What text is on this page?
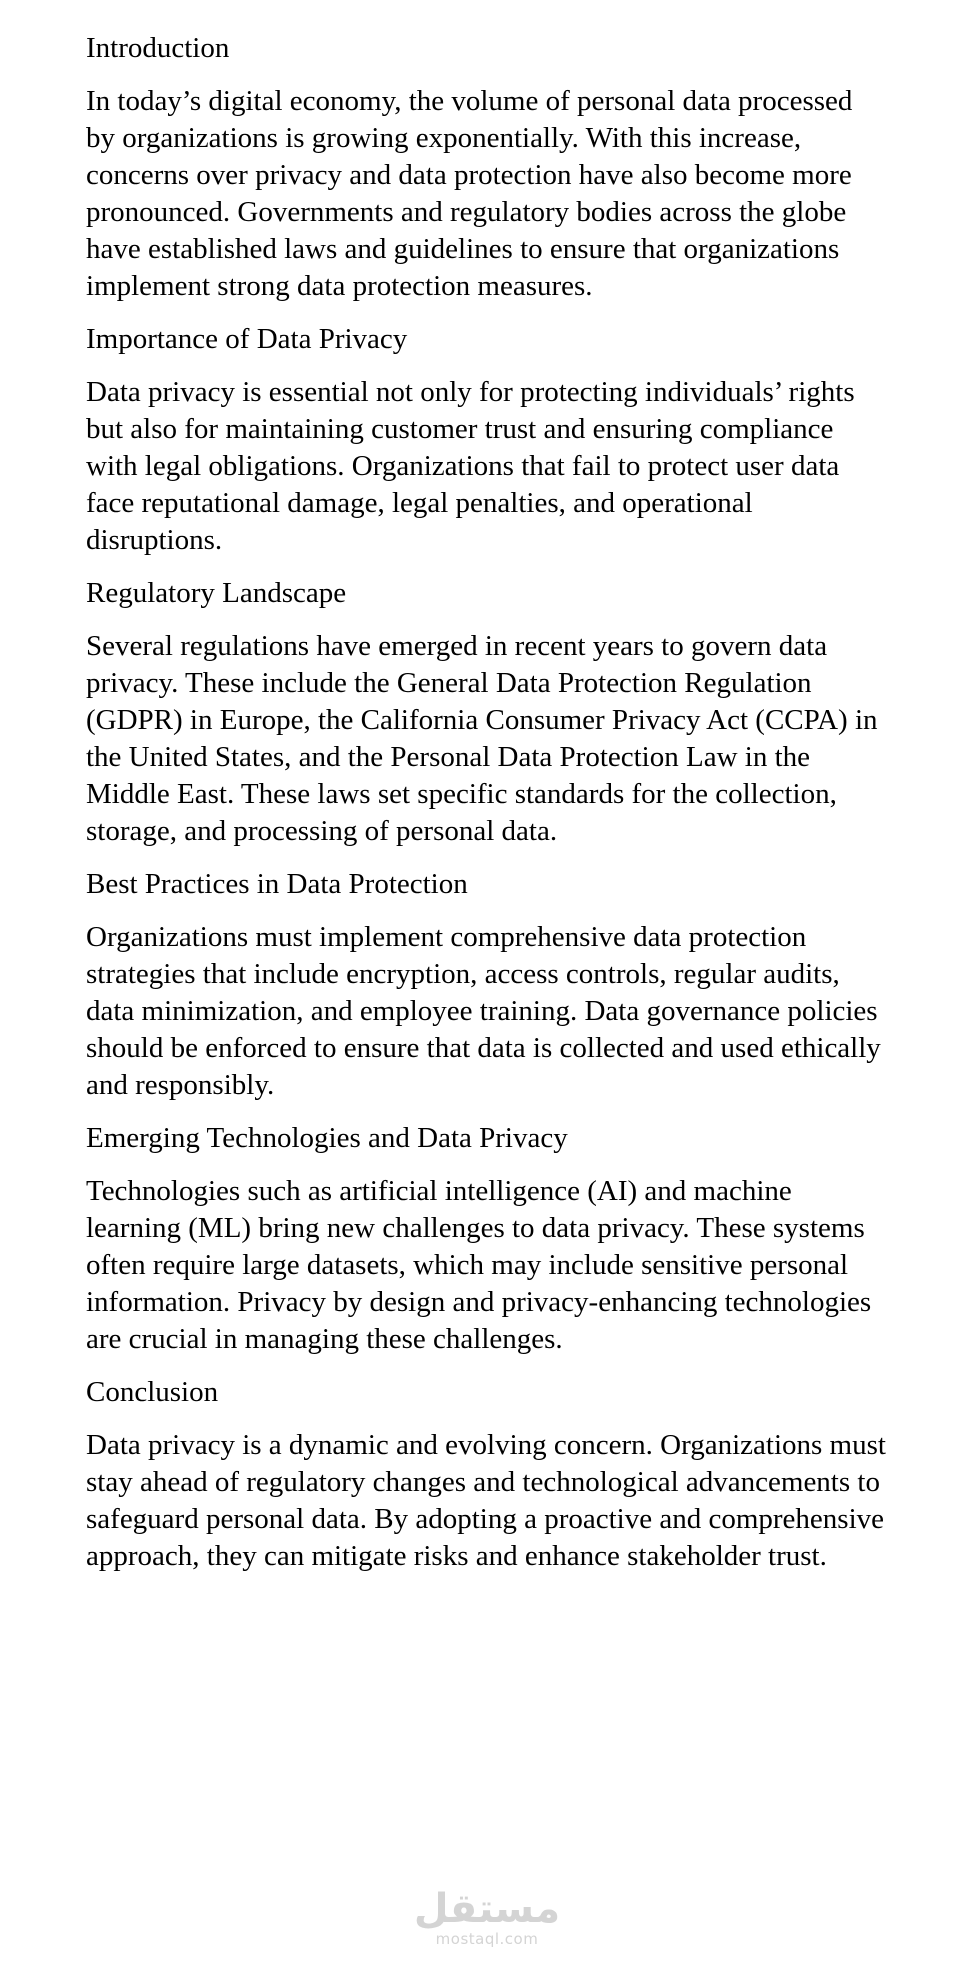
Introduction
In today’s digital economy, the volume of personal data processed by organizations is growing exponentially. With this increase, concerns over privacy and data protection have also become more pronounced. Governments and regulatory bodies across the globe have established laws and guidelines to ensure that organizations implement strong data protection measures.
Importance of Data Privacy
Data privacy is essential not only for protecting individuals’ rights but also for maintaining customer trust and ensuring compliance with legal obligations. Organizations that fail to protect user data face reputational damage, legal penalties, and operational disruptions.
Regulatory Landscape
Several regulations have emerged in recent years to govern data privacy. These include the General Data Protection Regulation (GDPR) in Europe, the California Consumer Privacy Act (CCPA) in the United States, and the Personal Data Protection Law in the Middle East. These laws set specific standards for the collection, storage, and processing of personal data.
Best Practices in Data Protection
Organizations must implement comprehensive data protection strategies that include encryption, access controls, regular audits, data minimization, and employee training. Data governance policies should be enforced to ensure that data is collected and used ethically and responsibly.
Emerging Technologies and Data Privacy
Technologies such as artificial intelligence (AI) and machine learning (ML) bring new challenges to data privacy. These systems often require large datasets, which may include sensitive personal information. Privacy by design and privacy-enhancing technologies are crucial in managing these challenges.
Conclusion
Data privacy is a dynamic and evolving concern. Organizations must stay ahead of regulatory changes and technological advancements to safeguard personal data. By adopting a proactive and comprehensive approach, they can mitigate risks and enhance stakeholder trust.
مستقل
mostaql.com
